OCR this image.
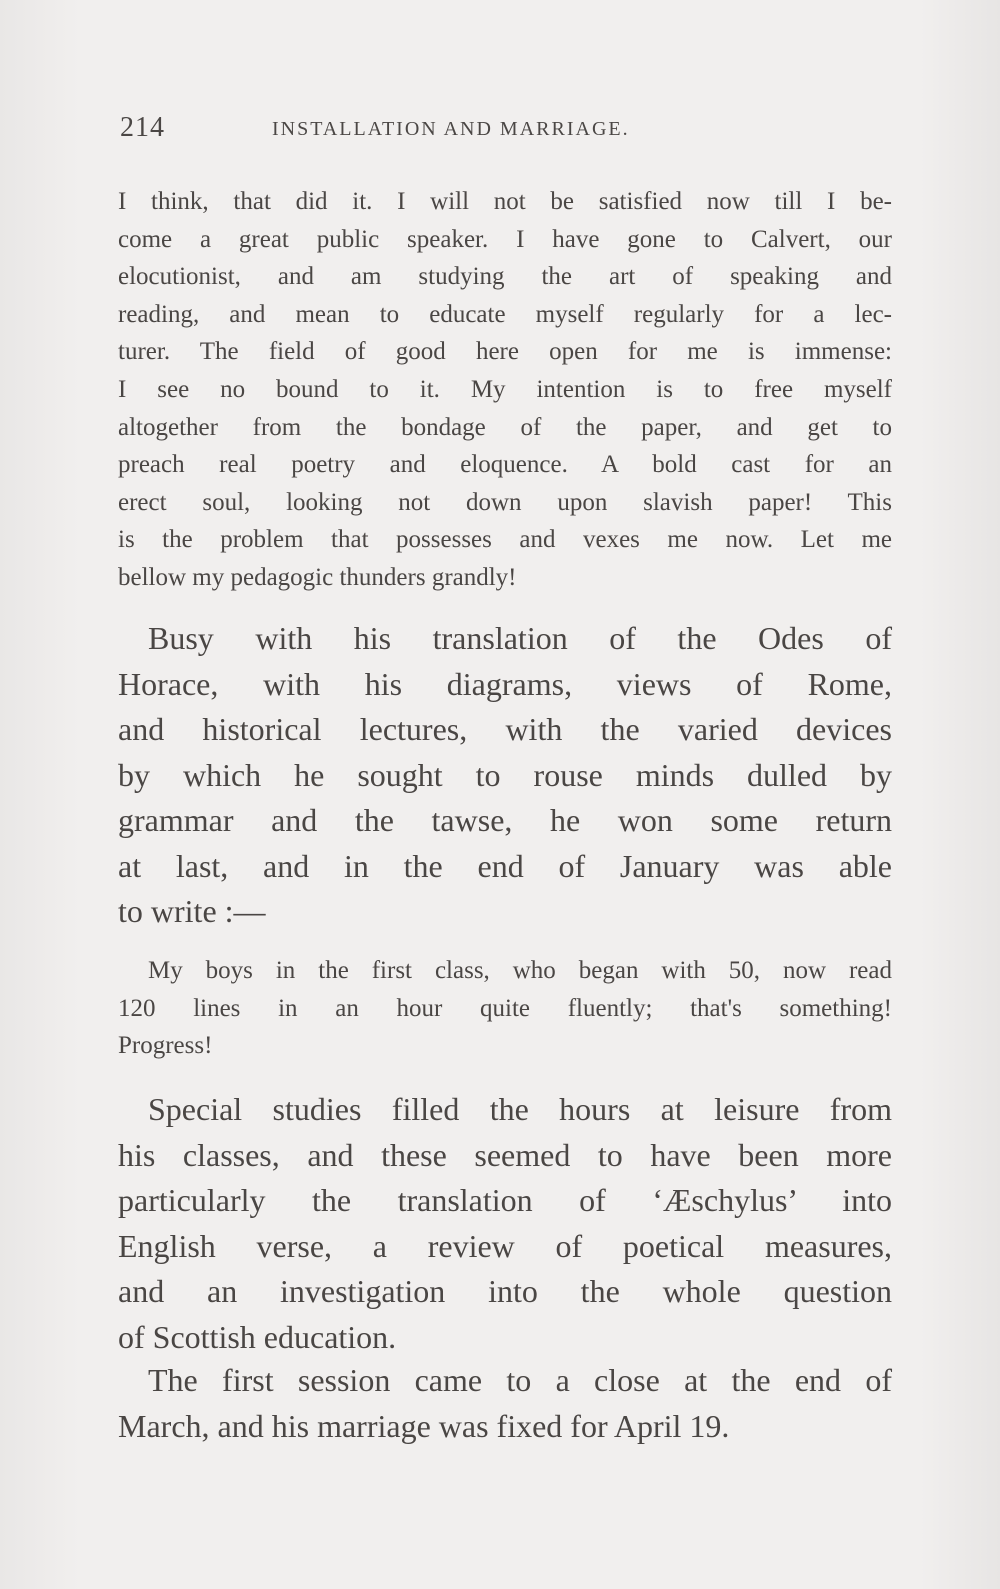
214	INSTALLATION AND MARRIAGE.
I think, that did it. I will not be satisfied now till I be-
come a great public speaker. I have gone to Calvert, our
elocutionist, and am studying the art of speaking and
reading, and mean to educate myself regularly for a lec-
turer. The field of good here open for me is immense:
I see no bound to it. My intention is to free myself
altogether from the bondage of the paper, and get to
preach real poetry and eloquence. A bold cast for an
erect soul, looking not down upon slavish paper! This
is the problem that possesses and vexes me now. Let me
bellow my pedagogic thunders grandly!
Busy with his translation of the Odes of
Horace, with his diagrams, views of Rome,
and historical lectures, with the varied devices
by which he sought to rouse minds dulled by
grammar and the tawse, he won some return
at last, and in the end of January was able
to write :—
My boys in the first class, who began with 50, now read
120 lines in an hour quite fluently; that's something!
Progress!
Special studies filled the hours at leisure from
his classes, and these seemed to have been more
particularly the translation of ‘Æschylus’ into
English verse, a review of poetical measures,
and an investigation into the whole question
of Scottish education.
The first session came to a close at the end of
March, and his marriage was fixed for April 19.
